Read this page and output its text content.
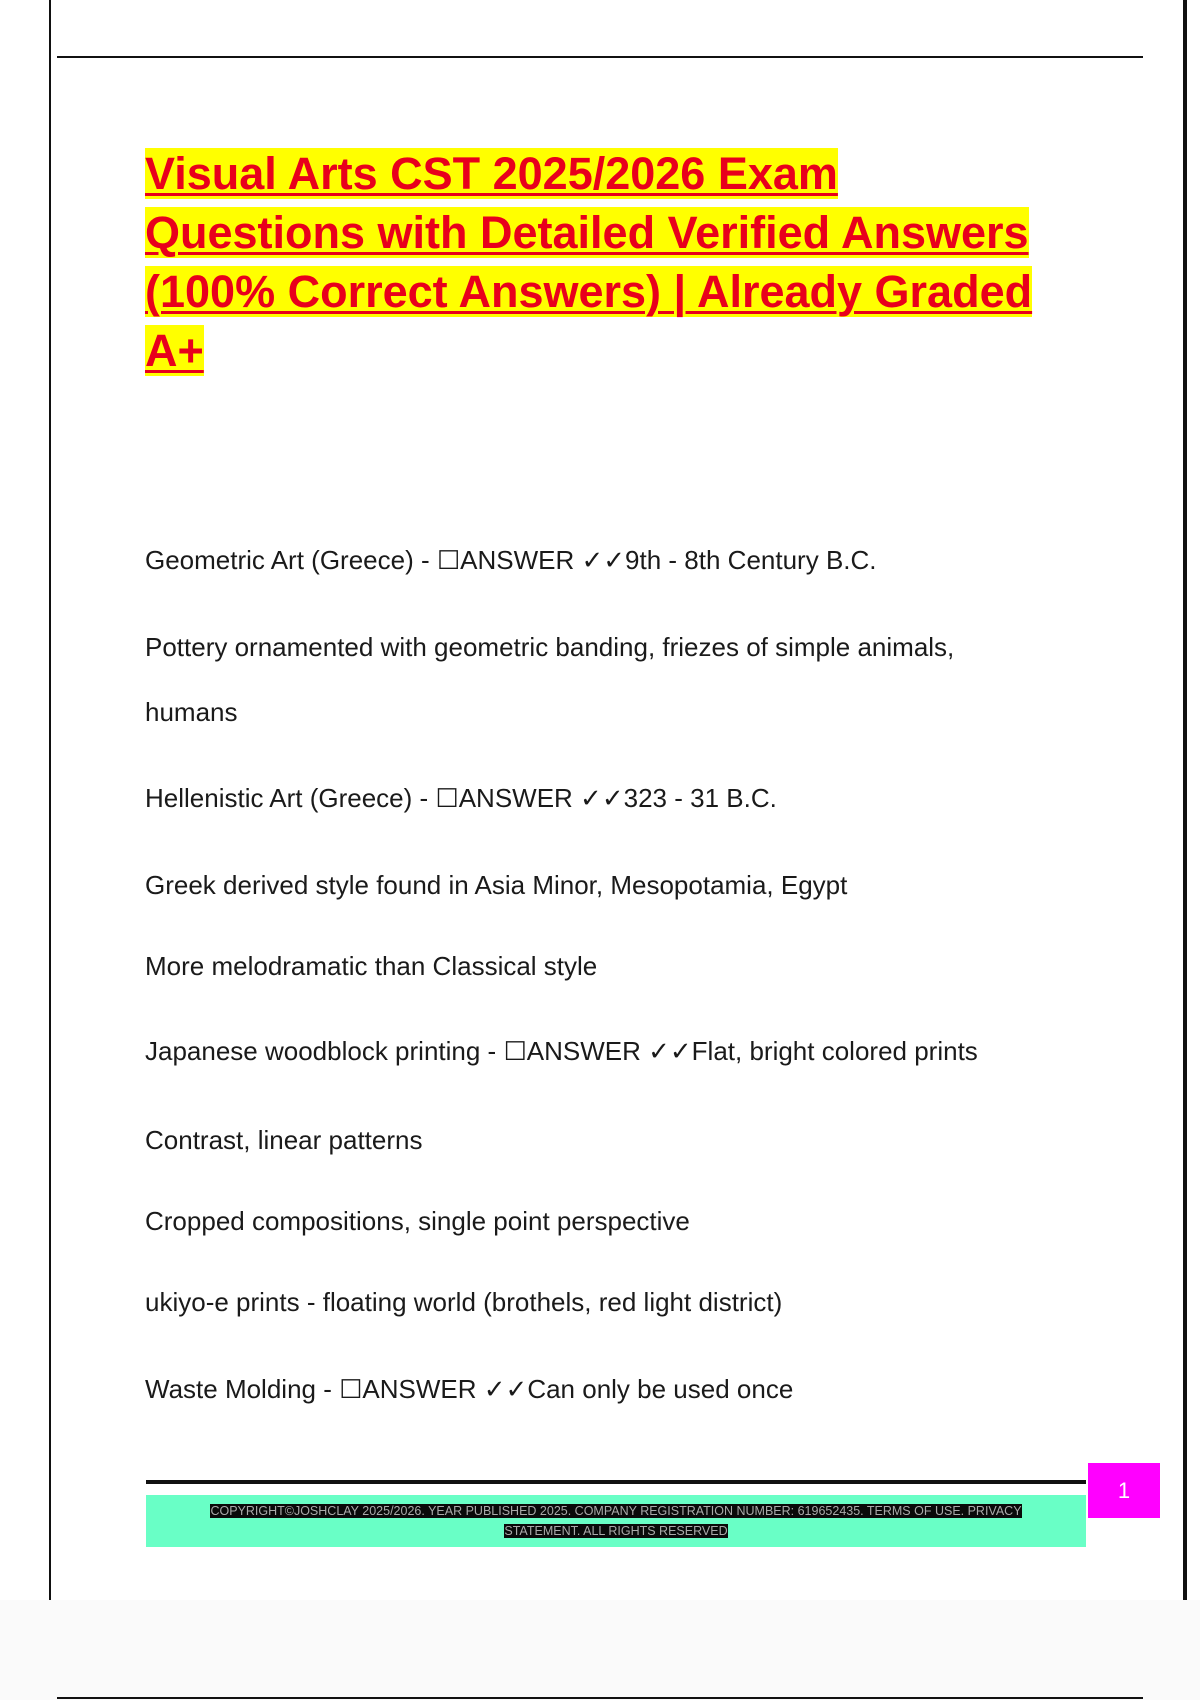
Visual Arts CST 2025/2026 Exam Questions with Detailed Verified Answers (100% Correct Answers) | Already Graded A+

Geometric Art (Greece) - ☐ANSWER ✓✓9th - 8th Century B.C.

Pottery ornamented with geometric banding, friezes of simple animals,

humans

Hellenistic Art (Greece) - ☐ANSWER ✓✓323 - 31 B.C.

Greek derived style found in Asia Minor, Mesopotamia, Egypt

More melodramatic than Classical style

Japanese woodblock printing - ☐ANSWER ✓✓Flat, bright colored prints

Contrast, linear patterns

Cropped compositions, single point perspective

ukiyo-e prints - floating world (brothels, red light district)

Waste Molding - ☐ANSWER ✓✓Can only be used once

COPYRIGHT©JOSHCLAY 2025/2026. YEAR PUBLISHED 2025. COMPANY REGISTRATION NUMBER: 619652435. TERMS OF USE. PRIVACY STATEMENT. ALL RIGHTS RESERVED
1
